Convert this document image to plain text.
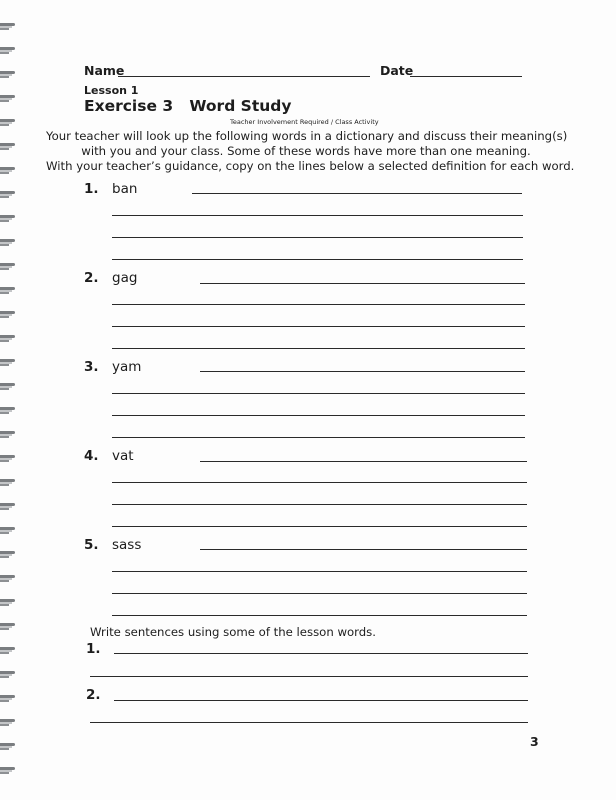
Name	Date
Lesson 1
Exercise 3   Word Study
Teacher Involvement Required / Class Activity
Your teacher will look up the following words in a dictionary and discuss their meaning(s)
with you and your class. Some of these words have more than one meaning.
With your teacher’s guidance, copy on the lines below a selected definition for each word.
1. ban
2. gag
3. yam
4. vat
5. sass
Write sentences using some of the lesson words.
1.
2.
3
